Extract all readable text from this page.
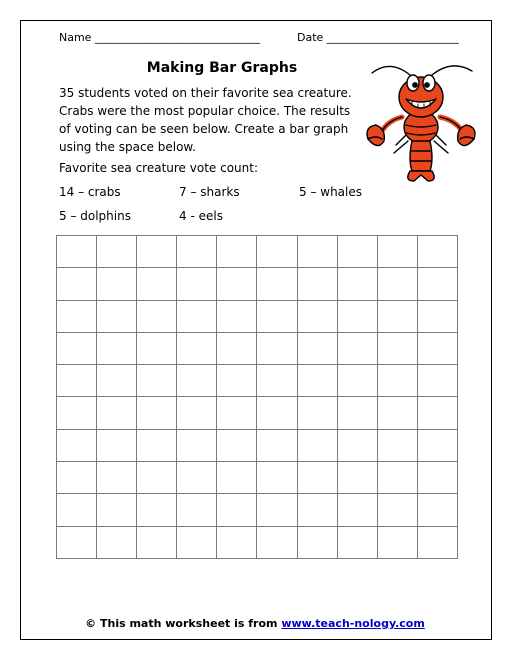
Name ______________________________	Date ________________________
Making Bar Graphs

35 students voted on their favorite sea creature.
Crabs were the most popular choice. The results
of voting can be seen below. Create a bar graph
using the space below.

Favorite sea creature vote count:
14 – crabs	7 – sharks	5 – whales
5 – dolphins	4 - eels

© This math worksheet is from www.teach-nology.com
